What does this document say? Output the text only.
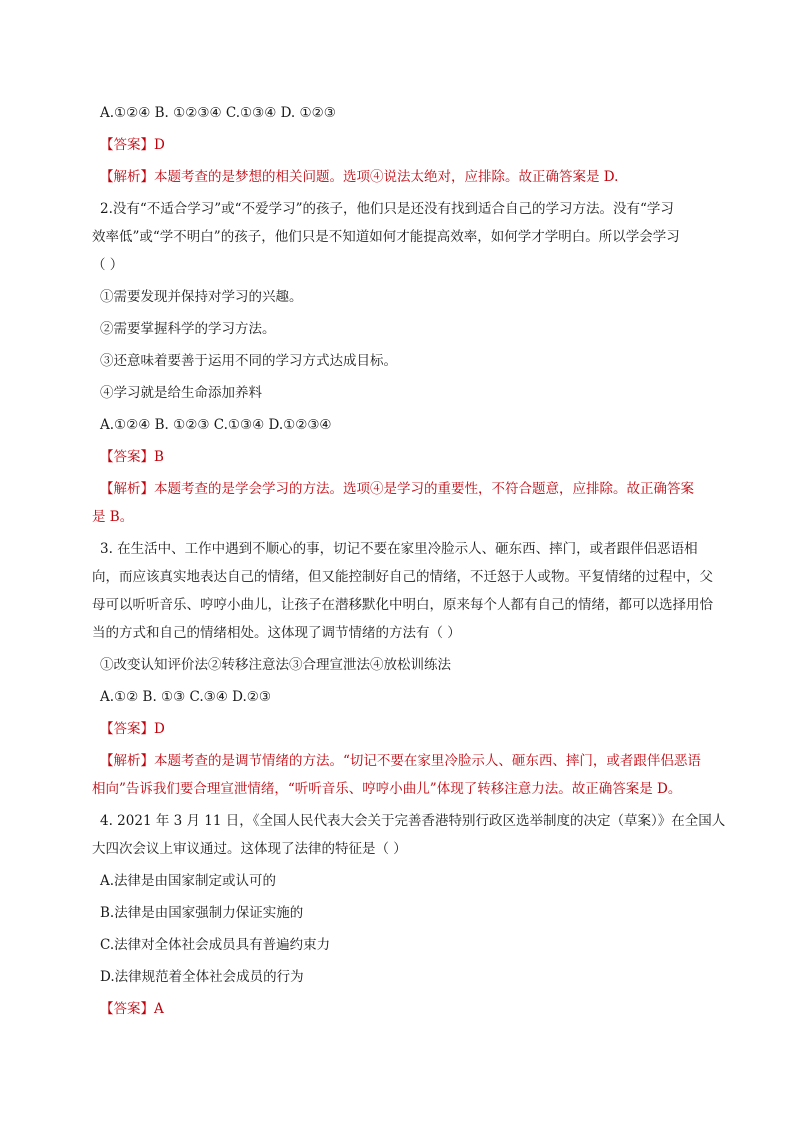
A.①②④ B. ①②③④ C.①③④ D. ①②③

【答案】D

【解析】本题考查的是梦想的相关问题。选项④说法太绝对，应排除。故正确答案是 D.

2.没有“不适合学习”或“不爱学习”的孩子，他们只是还没有找到适合自己的学习方法。没有“学习

效率低”或“学不明白”的孩子，他们只是不知道如何才能提高效率，如何学才学明白。所以学会学习

（ ）

①需要发现并保持对学习的兴趣。

②需要掌握科学的学习方法。

③还意味着要善于运用不同的学习方式达成目标。

④学习就是给生命添加养料

A.①②④ B. ①②③ C.①③④ D.①②③④

【答案】B

【解析】本题考查的是学会学习的方法。选项④是学习的重要性，不符合题意，应排除。故正确答案

是 B。

3. 在生活中、工作中遇到不顺心的事，切记不要在家里冷脸示人、砸东西、摔门，或者跟伴侣恶语相

向，而应该真实地表达自己的情绪，但又能控制好自己的情绪，不迁怒于人或物。平复情绪的过程中，父

母可以听听音乐、哼哼小曲儿，让孩子在潜移默化中明白，原来每个人都有自己的情绪，都可以选择用恰

当的方式和自己的情绪相处。这体现了调节情绪的方法有（ ）

①改变认知评价法②转移注意法③合理宣泄法④放松训练法

A.①② B. ①③ C.③④ D.②③

【答案】D

【解析】本题考查的是调节情绪的方法。“切记不要在家里冷脸示人、砸东西、摔门，或者跟伴侣恶语

相向”告诉我们要合理宣泄情绪，“听听音乐、哼哼小曲儿”体现了转移注意力法。故正确答案是 D。

4. 2021 年 3 月 11 日，《全国人民代表大会关于完善香港特别行政区选举制度的决定（草案）》在全国人

大四次会议上审议通过。这体现了法律的特征是（ ）

A.法律是由国家制定或认可的

B.法律是由国家强制力保证实施的

C.法律对全体社会成员具有普遍约束力

D.法律规范着全体社会成员的行为

【答案】A
